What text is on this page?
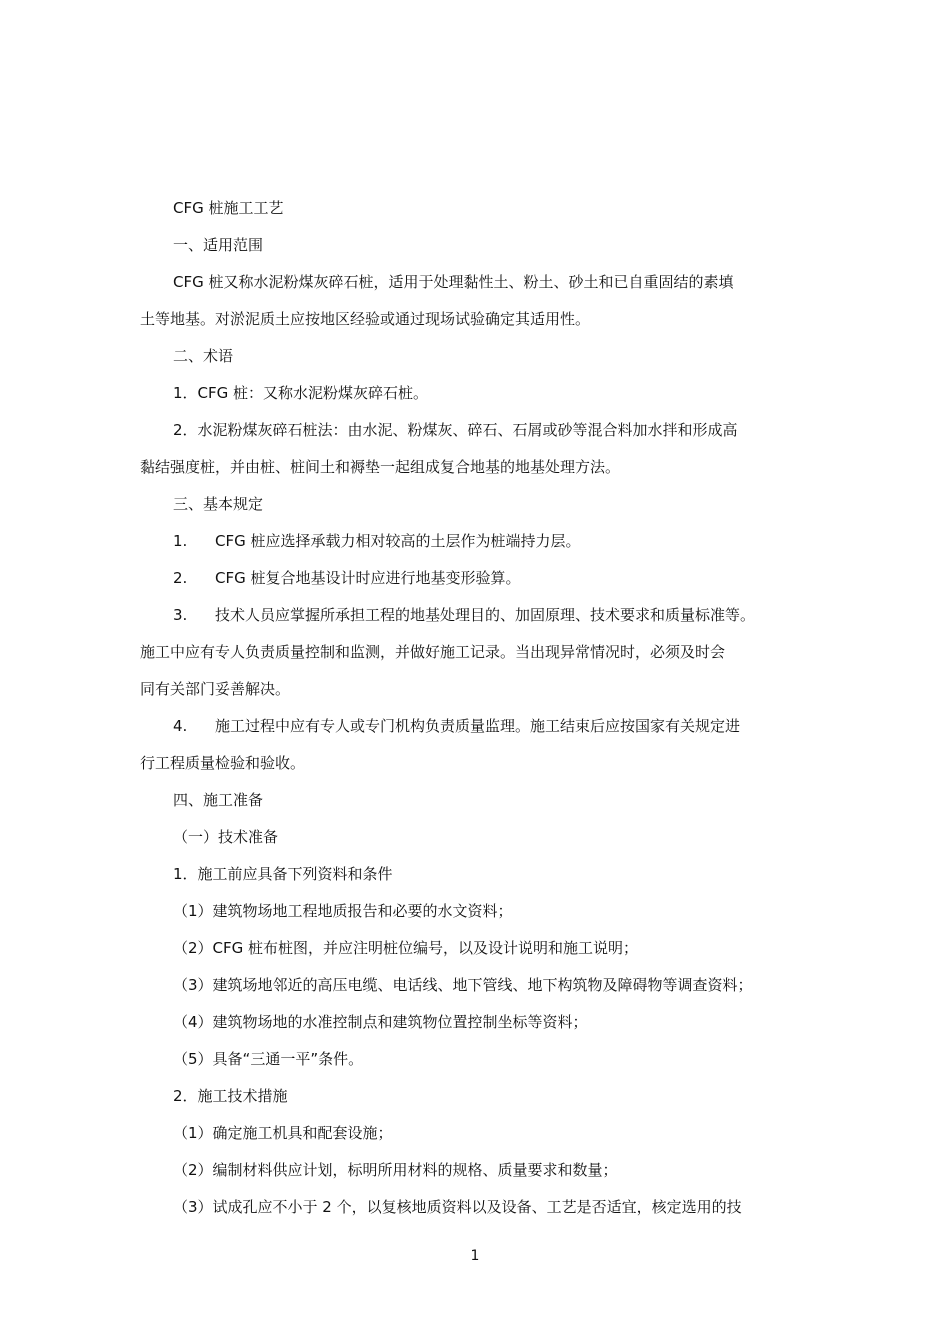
CFG 桩施工工艺

一、适用范围

CFG 桩又称水泥粉煤灰碎石桩，适用于处理黏性土、粉土、砂土和已自重固结的素填

土等地基。对淤泥质土应按地区经验或通过现场试验确定其适用性。

二、术语

1．CFG 桩：又称水泥粉煤灰碎石桩。

2．水泥粉煤灰碎石桩法：由水泥、粉煤灰、碎石、石屑或砂等混合料加水拌和形成高

黏结强度桩，并由桩、桩间土和褥垫一起组成复合地基的地基处理方法。

三、基本规定

1. CFG 桩应选择承载力相对较高的土层作为桩端持力层。

2. CFG 桩复合地基设计时应进行地基变形验算。

3. 技术人员应掌握所承担工程的地基处理目的、加固原理、技术要求和质量标准等。

施工中应有专人负责质量控制和监测，并做好施工记录。当出现异常情况时，必须及时会

同有关部门妥善解决。

4. 施工过程中应有专人或专门机构负责质量监理。施工结束后应按国家有关规定进

行工程质量检验和验收。

四、施工准备

（一）技术准备

1．施工前应具备下列资料和条件

（1）建筑物场地工程地质报告和必要的水文资料；

（2）CFG 桩布桩图，并应注明桩位编号，以及设计说明和施工说明；

（3）建筑场地邻近的高压电缆、电话线、地下管线、地下构筑物及障碍物等调查资料；

（4）建筑物场地的水准控制点和建筑物位置控制坐标等资料；

（5）具备“三通一平”条件。

2．施工技术措施

（1）确定施工机具和配套设施；

（2）编制材料供应计划，标明所用材料的规格、质量要求和数量；

（3）试成孔应不小于 2 个，以复核地质资料以及设备、工艺是否适宜，核定选用的技

1
